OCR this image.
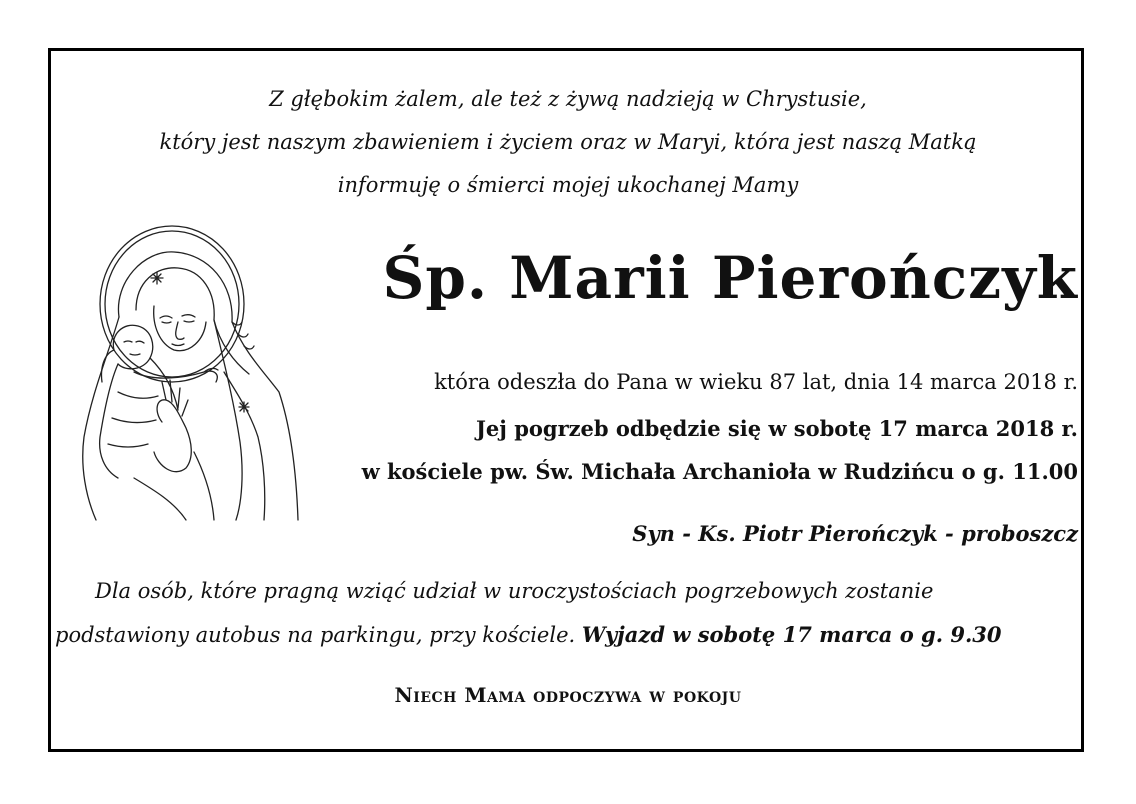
Z głębokim żalem, ale też z żywą nadzieją w Chrystusie,
który jest naszym zbawieniem i życiem oraz w Maryi, która jest naszą Matką
informuję o śmierci mojej ukochanej Mamy
Śp. Marii Pierończyk
która odeszła do Pana w wieku 87 lat, dnia 14 marca 2018 r.
Jej pogrzeb odbędzie się w sobotę 17 marca 2018 r.
w kościele pw. Św. Michała Archanioła w Rudzińcu o g. 11.00
Syn - Ks. Piotr Pierończyk - proboszcz
Dla osób, które pragną wziąć udział w uroczystościach pogrzebowych zostanie
podstawiony autobus na parkingu, przy kościele. Wyjazd w sobotę 17 marca o g. 9.30
Niech Mama odpoczywa w pokoju
